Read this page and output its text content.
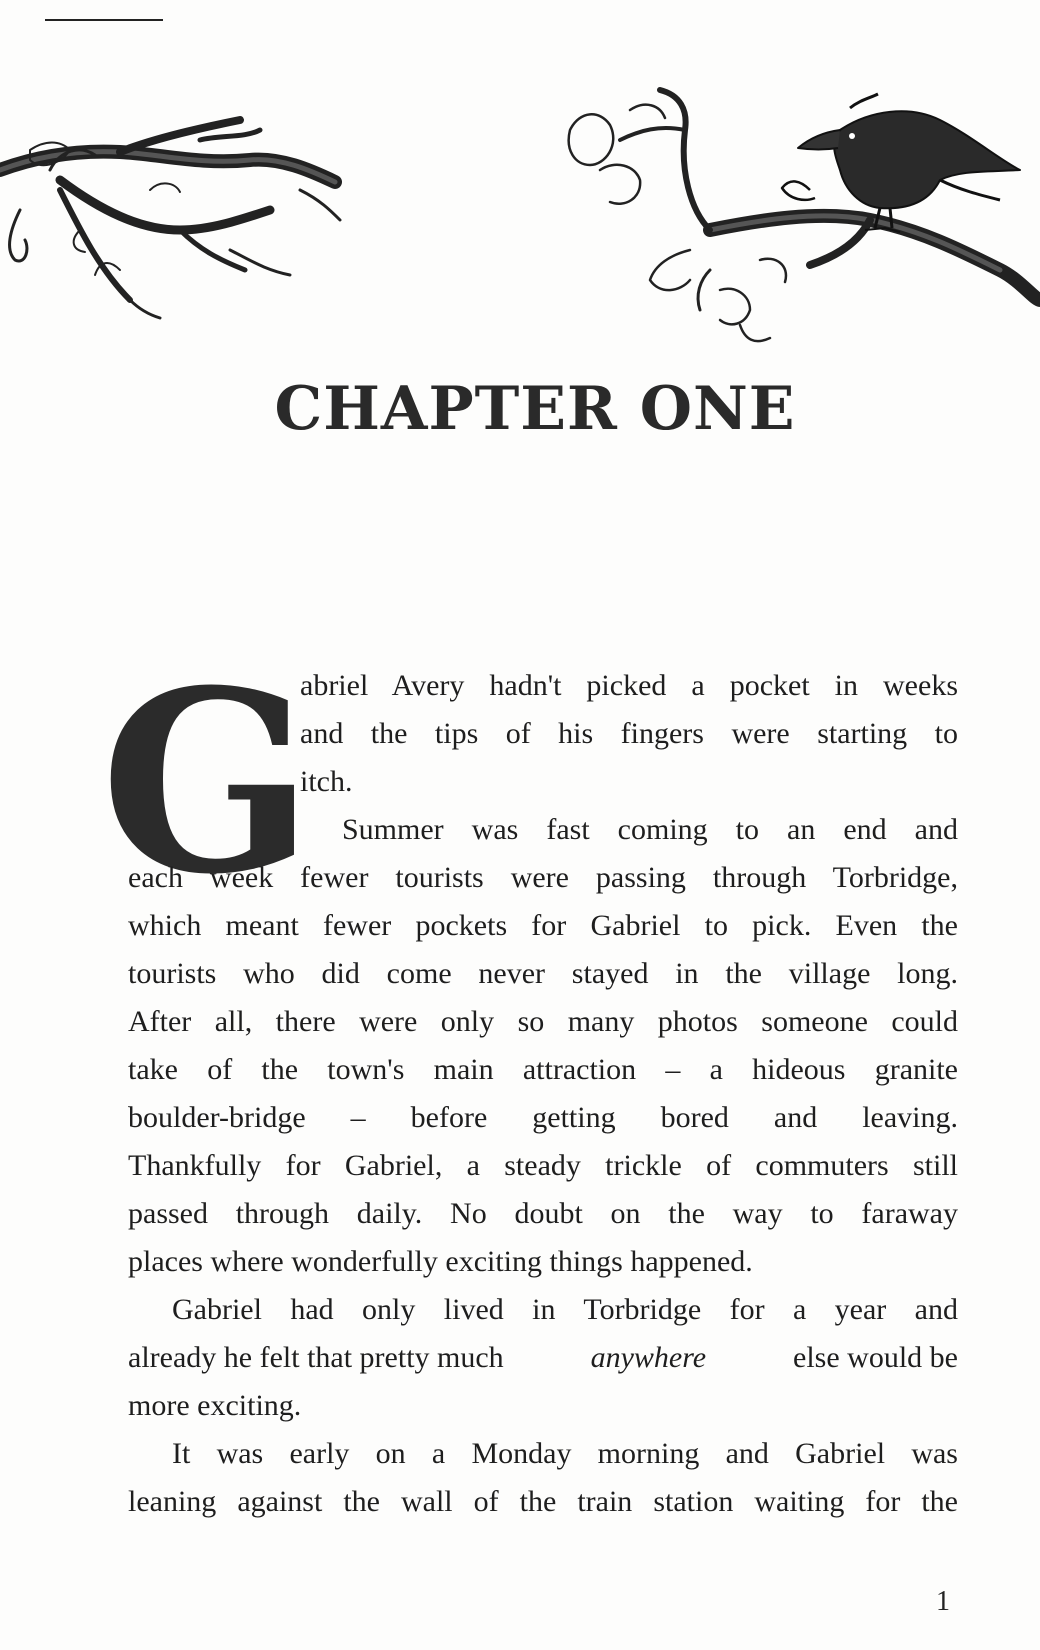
CHAPTER ONE
G
abriel Avery hadn't picked a pocket in weeks
and the tips of his fingers were starting to
itch.
Summer was fast coming to an end and
each week fewer tourists were passing through Torbridge,
which meant fewer pockets for Gabriel to pick. Even the
tourists who did come never stayed in the village long.
After all, there were only so many photos someone could
take of the town's main attraction – a hideous granite
boulder-bridge – before getting bored and leaving.
Thankfully for Gabriel, a steady trickle of commuters still
passed through daily. No doubt on the way to faraway
places where wonderfully exciting things happened.
Gabriel had only lived in Torbridge for a year and
already he felt that pretty much	anywhere	else would be
more exciting.
It was early on a Monday morning and Gabriel was
leaning against the wall of the train station waiting for the
1
